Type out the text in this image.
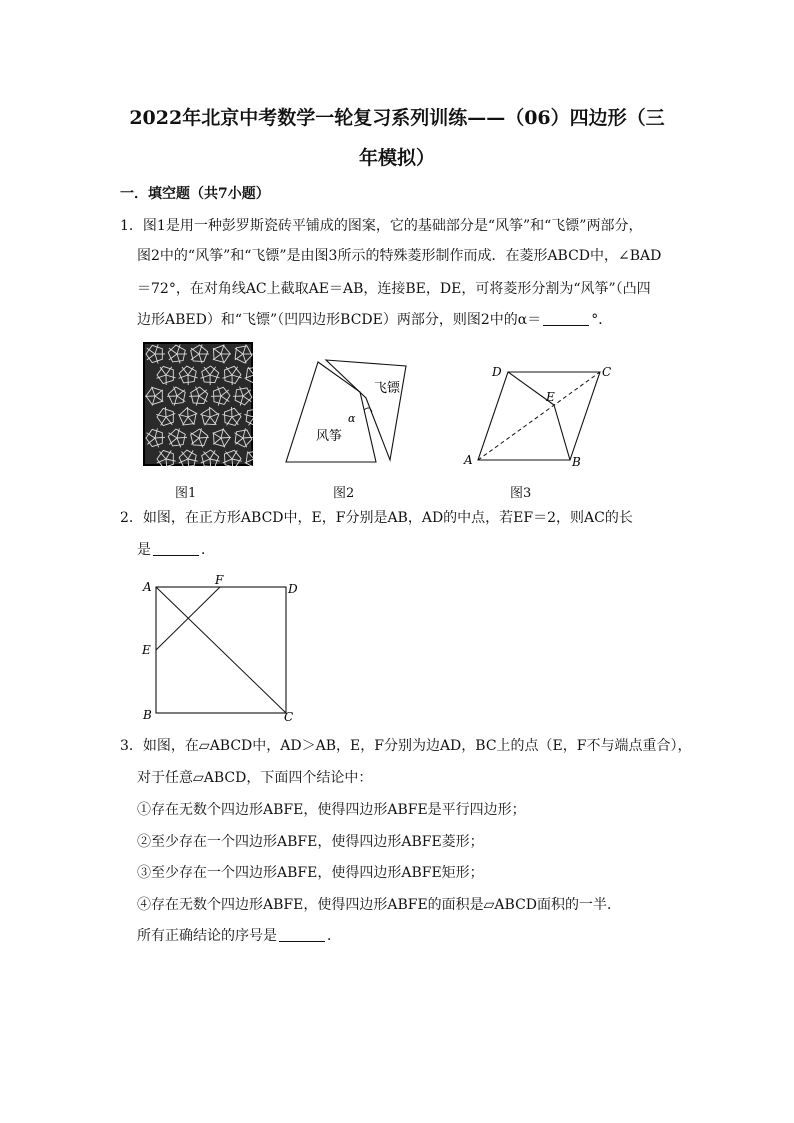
2022年北京中考数学一轮复习系列训练——（06）四边形（三
年模拟）
一．填空题（共7小题）
1．图1是用一种彭罗斯瓷砖平铺成的图案，它的基础部分是“风筝”和“飞镖”两部分，
图2中的“风筝”和“飞镖”是由图3所示的特殊菱形制作而成．在菱形ABCD中，∠BAD
＝72°，在对角线AC上截取AE＝AB，连接BE，DE，可将菱形分割为“风筝”（凸四
边形ABED）和“飞镖”（凹四边形BCDE）两部分，则图2中的α＝	°．
飞镖
风筝
α
A	B
C
D
E
图1	图2	图3
2．如图，在正方形ABCD中，E，F分别是AB，AD的中点，若EF＝2，则AC的长
是	．
A	F
D
E
B	C
3．如图，在▱ABCD中，AD＞AB，E，F分别为边AD，BC上的点（E，F不与端点重合），
对于任意▱ABCD，下面四个结论中：
①存在无数个四边形ABFE，使得四边形ABFE是平行四边形；
②至少存在一个四边形ABFE，使得四边形ABFE菱形；
③至少存在一个四边形ABFE，使得四边形ABFE矩形；
④存在无数个四边形ABFE，使得四边形ABFE的面积是▱ABCD面积的一半．
所有正确结论的序号是	．
